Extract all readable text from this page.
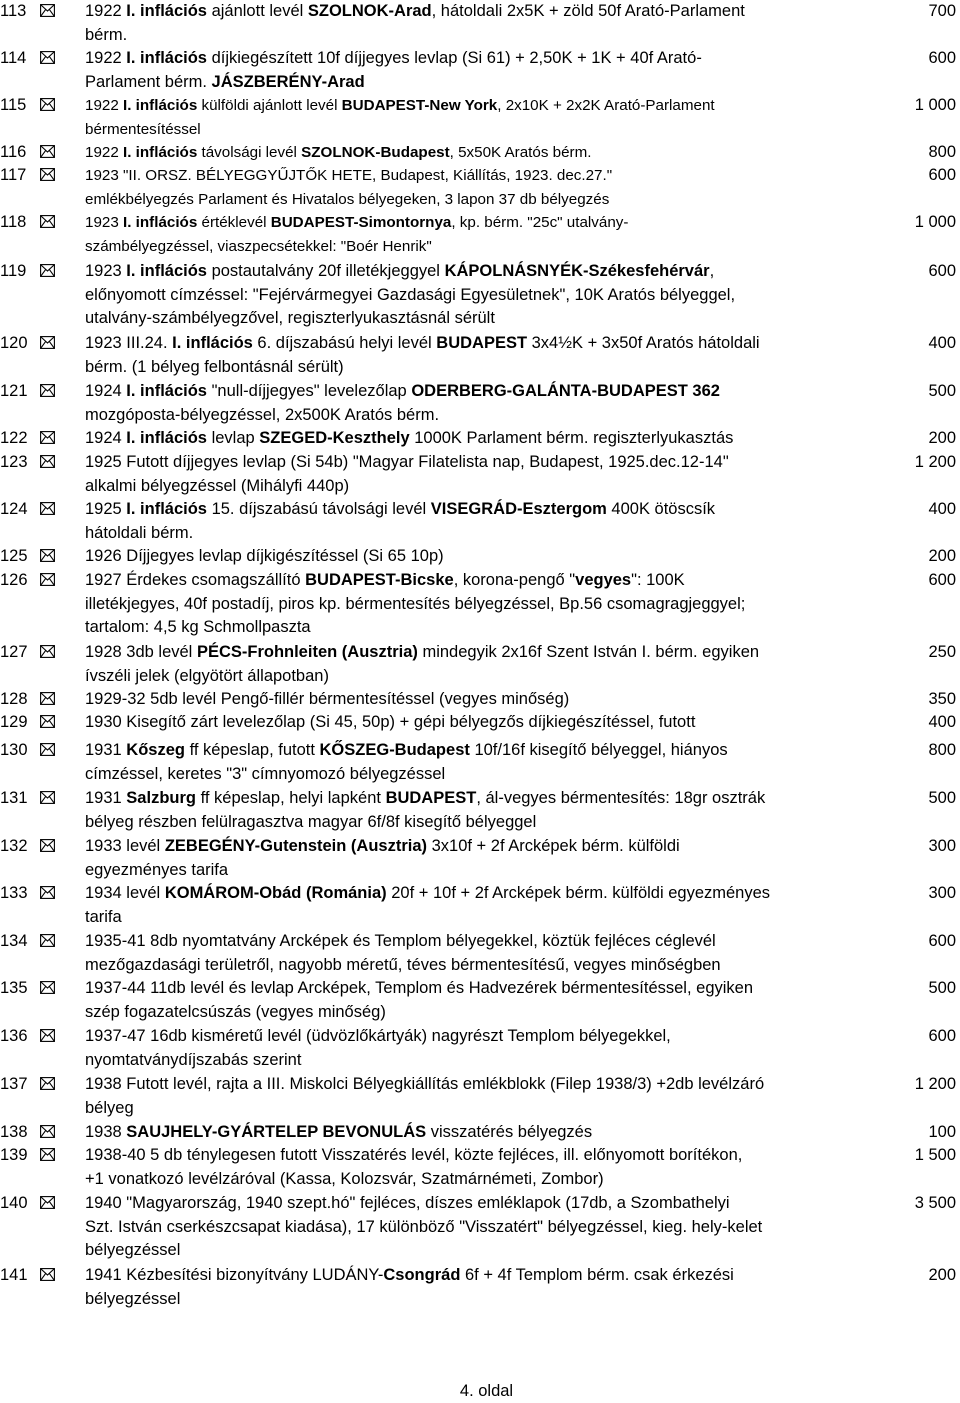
113	1922 I. inflációs ajánlott levél SZOLNOK-Arad, hátoldali 2x5K + zöld 50f Arató-Parlament
bérm.
700
114	1922 I. inflációs díjkiegészített 10f díjjegyes levlap (Si 61) + 2,50K + 1K + 40f Arató-
Parlament bérm. JÁSZBERÉNY-Arad
600
115	1922 I. inflációs külföldi ajánlott levél BUDAPEST-New York, 2x10K + 2x2K Arató-Parlament
bérmentesítéssel
1 000
116	1922 I. inflációs távolsági levél SZOLNOK-Budapest, 5x50K Aratós bérm.	800
117	1923 "II. ORSZ. BÉLYEGGYŰJTŐK HETE, Budapest, Kiállítás, 1923. dec.27."
emlékbélyegzés Parlament és Hivatalos bélyegeken, 3 lapon 37 db bélyegzés
600
118	1923 I. inflációs értéklevél BUDAPEST-Simontornya, kp. bérm. "25c" utalvány-
számbélyegzéssel, viaszpecsétekkel: "Boér Henrik"
1 000
119	1923 I. inflációs postautalvány 20f illetékjeggyel KÁPOLNÁSNYÉK-Székesfehérvár,
előnyomott címzéssel: "Fejérvármegyei Gazdasági Egyesületnek", 10K Aratós bélyeggel,
utalvány-számbélyegzővel, regiszterlyukasztásnál sérült
600
120	1923 III.24. I. inflációs 6. díjszabású helyi levél BUDAPEST 3x4½K + 3x50f Aratós hátoldali
bérm. (1 bélyeg felbontásnál sérült)
400
121	1924 I. inflációs "null-díjjegyes" levelezőlap ODERBERG-GALÁNTA-BUDAPEST 362
mozgóposta-bélyegzéssel, 2x500K Aratós bérm.
500
122	1924 I. inflációs levlap SZEGED-Keszthely 1000K Parlament bérm. regiszterlyukasztás	200
123	1925 Futott díjjegyes levlap (Si 54b) "Magyar Filatelista nap, Budapest, 1925.dec.12-14"
alkalmi bélyegzéssel (Mihályfi 440p)
1 200
124	1925 I. inflációs 15. díjszabású távolsági levél VISEGRÁD-Esztergom 400K ötöscsík
hátoldali bérm.
400
125	1926 Díjjegyes levlap díjkigészítéssel (Si 65 10p)	200
126	1927 Érdekes csomagszállító BUDAPEST-Bicske, korona-pengő "vegyes": 100K
illetékjegyes, 40f postadíj, piros kp. bérmentesítés bélyegzéssel, Bp.56 csomagragjeggyel;
tartalom: 4,5 kg Schmollpaszta
600
127	1928 3db levél PÉCS-Frohnleiten (Ausztria) mindegyik 2x16f Szent István I. bérm. egyiken
ívszéli jelek (elgyötört állapotban)
250
128	1929-32 5db levél Pengő-fillér bérmentesítéssel (vegyes minőség)	350
129	1930 Kisegítő zárt levelezőlap (Si 45, 50p) + gépi bélyegzős díjkiegészítéssel, futott	400
130	1931 Kőszeg ff képeslap, futott KŐSZEG-Budapest 10f/16f kisegítő bélyeggel, hiányos
címzéssel, keretes "3" címnyomozó bélyegzéssel
800
131	1931 Salzburg ff képeslap, helyi lapként BUDAPEST, ál-vegyes bérmentesítés: 18gr osztrák
bélyeg részben felülragasztva magyar 6f/8f kisegítő bélyeggel
500
132	1933 levél ZEBEGÉNY-Gutenstein (Ausztria) 3x10f + 2f Arcképek bérm. külföldi
egyezményes tarifa
300
133	1934 levél KOMÁROM-Obád (Románia) 20f + 10f + 2f Arcképek bérm. külföldi egyezményes
tarifa
300
134	1935-41 8db nyomtatvány Arcképek és Templom bélyegekkel, köztük fejléces céglevél
mezőgazdasági területről, nagyobb méretű, téves bérmentesítésű, vegyes minőségben
600
135	1937-44 11db levél és levlap Arcképek, Templom és Hadvezérek bérmentesítéssel, egyiken
szép fogazatelcsúszás (vegyes minőség)
500
136	1937-47 16db kisméretű levél (üdvözlőkártyák) nagyrészt Templom bélyegekkel,
nyomtatványdíjszabás szerint
600
137	1938 Futott levél, rajta a III. Miskolci Bélyegkiállítás emlékblokk (Filep 1938/3) +2db levélzáró
bélyeg
1 200
138	1938 SAUJHELY-GYÁRTELEP BEVONULÁS visszatérés bélyegzés	100
139	1938-40 5 db ténylegesen futott Visszatérés levél, közte fejléces, ill. előnyomott borítékon,
+1 vonatkozó levélzáróval (Kassa, Kolozsvár, Szatmárnémeti, Zombor)
1 500
140	1940 "Magyarország, 1940 szept.hó" fejléces, díszes emléklapok (17db, a Szombathelyi
Szt. István cserkészcsapat kiadása), 17 különböző "Visszatért" bélyegzéssel, kieg. hely-kelet
bélyegzéssel
3 500
141	1941 Kézbesítési bizonyítvány LUDÁNY-Csongrád 6f + 4f Templom bérm. csak érkezési
bélyegzéssel
200
4. oldal
